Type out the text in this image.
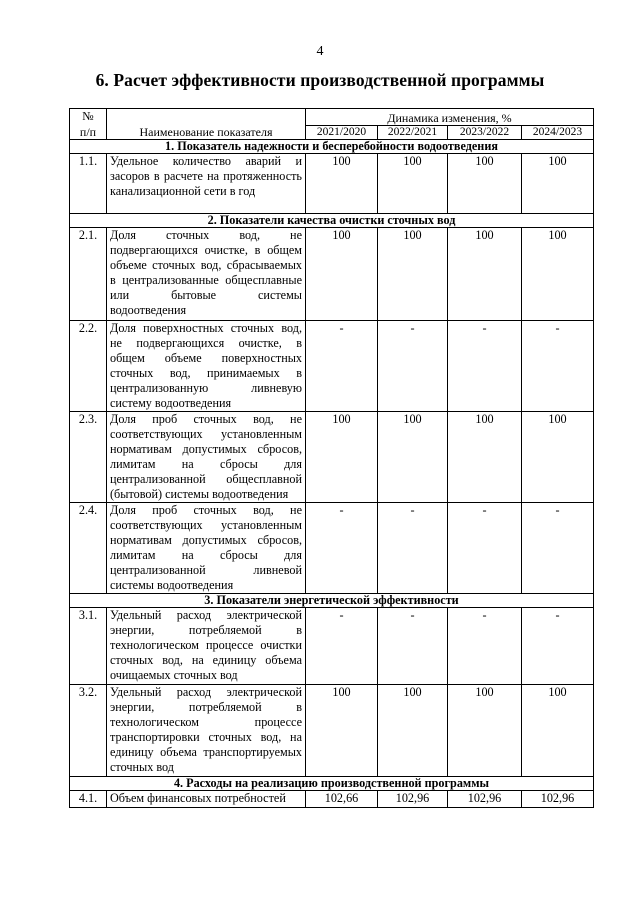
4
6. Расчет эффективности производственной программы
№
п/п	Наименование показателя	Динамика изменения, %			
		2021/2020	2022/2021	2023/2022	2024/2023
1. Показатель надежности и бесперебойности водоотведения					
1.1.	Удельное количество аварий и засоров в расчете на протяженность канализационной сети в год	100	100	100	100
2. Показатели качества очистки сточных вод					
2.1.	Доля сточных вод, не подвергающихся очистке, в общем объеме сточных вод, сбрасываемых в централизованные общесплавные или бытовые системы водоотведения	100	100	100	100
2.2.	Доля поверхностных сточных вод, не подвергающихся очистке, в общем объеме поверхностных сточных вод, принимаемых в централизованную ливневую систему водоотведения	-	-	-	-
2.3.	Доля проб сточных вод, не соответствующих установленным нормативам допустимых сбросов, лимитам на сбросы для централизованной общесплавной (бытовой) системы водоотведения	100	100	100	100
2.4.	Доля проб сточных вод, не соответствующих установленным нормативам допустимых сбросов, лимитам на сбросы для централизованной ливневой системы водоотведения	-	-	-	-
3. Показатели энергетической эффективности					
3.1.	Удельный расход электрической энергии, потребляемой в технологическом процессе очистки сточных вод, на единицу объема очищаемых сточных вод	-	-	-	-
3.2.	Удельный расход электрической энергии, потребляемой в технологическом процессе транспортировки сточных вод, на единицу объема транспортируемых сточных вод	100	100	100	100
4. Расходы на реализацию производственной программы					
4.1.	Объем финансовых потребностей	102,66	102,96	102,96	102,96
